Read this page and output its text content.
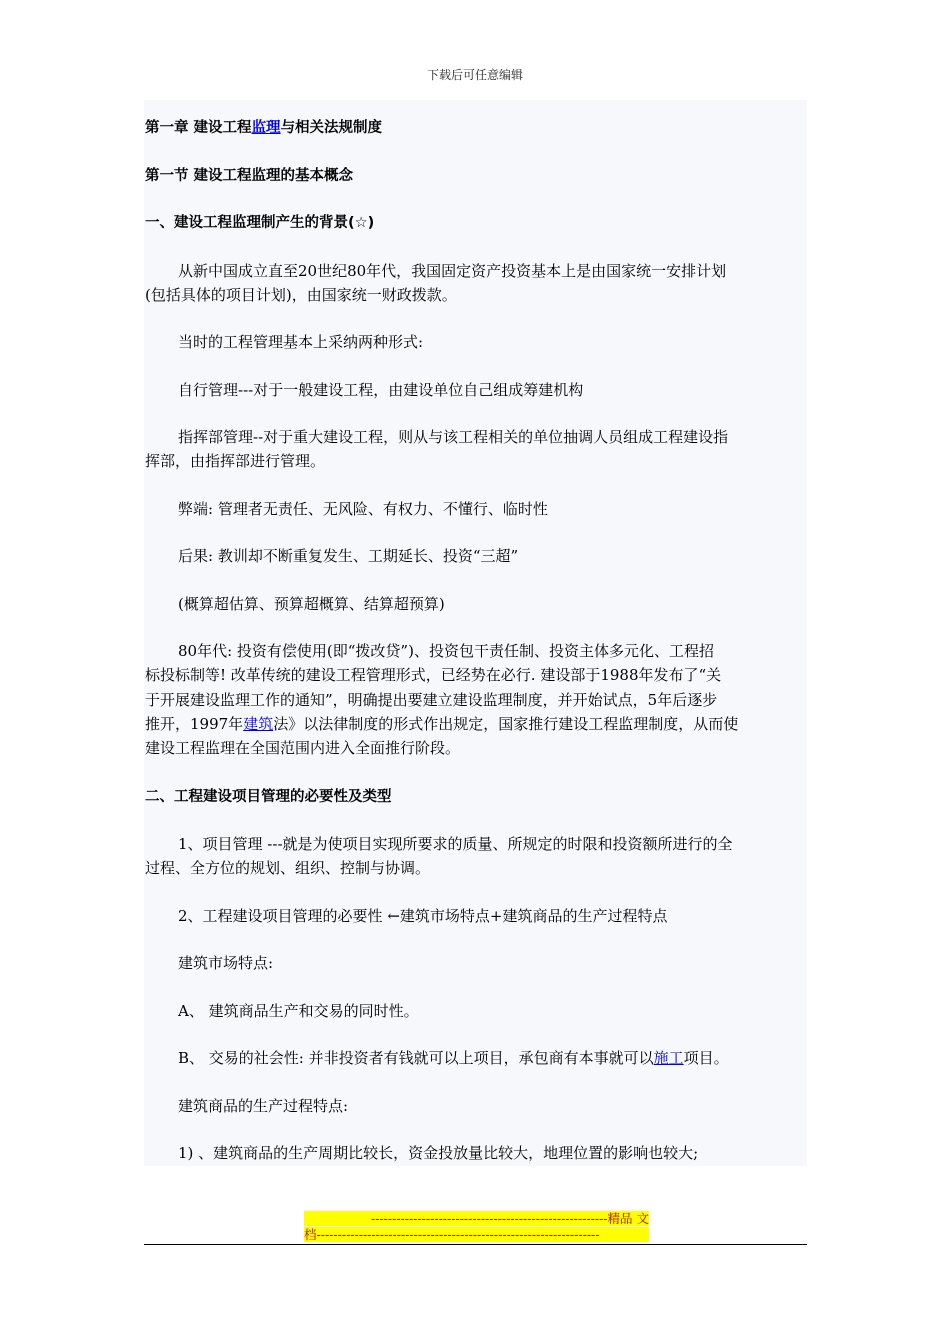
下载后可任意编辑
第一章 建设工程监理与相关法规制度
第一节 建设工程监理的基本概念
一、建设工程监理制产生的背景(☆)
从新中国成立直至20世纪80年代，我国固定资产投资基本上是由国家统一安排计划
(包括具体的项目计划)，由国家统一财政拨款。
当时的工程管理基本上采纳两种形式:
自行管理---对于一般建设工程，由建设单位自己组成筹建机构
指挥部管理--对于重大建设工程，则从与该工程相关的单位抽调人员组成工程建设指
挥部，由指挥部进行管理。
弊端: 管理者无责任、无风险、有权力、不懂行、临时性
后果: 教训却不断重复发生、工期延长、投资“三超”
(概算超估算、预算超概算、结算超预算)
80年代: 投资有偿使用(即“拨改贷”)、投资包干责任制、投资主体多元化、工程招
标投标制等! 改革传统的建设工程管理形式，已经势在必行. 建设部于1988年发布了“关
于开展建设监理工作的通知”，明确提出要建立建设监理制度，并开始试点，5年后逐步
推开，1997年建筑法》以法律制度的形式作出规定，国家推行建设工程监理制度，从而使
建设工程监理在全国范围内进入全面推行阶段。
二、工程建设项目管理的必要性及类型
1、项目管理 ---就是为使项目实现所要求的质量、所规定的时限和投资额所进行的全
过程、全方位的规划、组织、控制与协调。
2、工程建设项目管理的必要性 ←建筑市场特点+建筑商品的生产过程特点
建筑市场特点:
A、 建筑商品生产和交易的同时性。
B、 交易的社会性: 并非投资者有钱就可以上项目，承包商有本事就可以施工项目。
建筑商品的生产过程特点:
1) 、建筑商品的生产周期比较长，资金投放量比较大，地理位置的影响也较大;
--------------------------------------------------------精品 文
档-------------------------------------------------------------------
